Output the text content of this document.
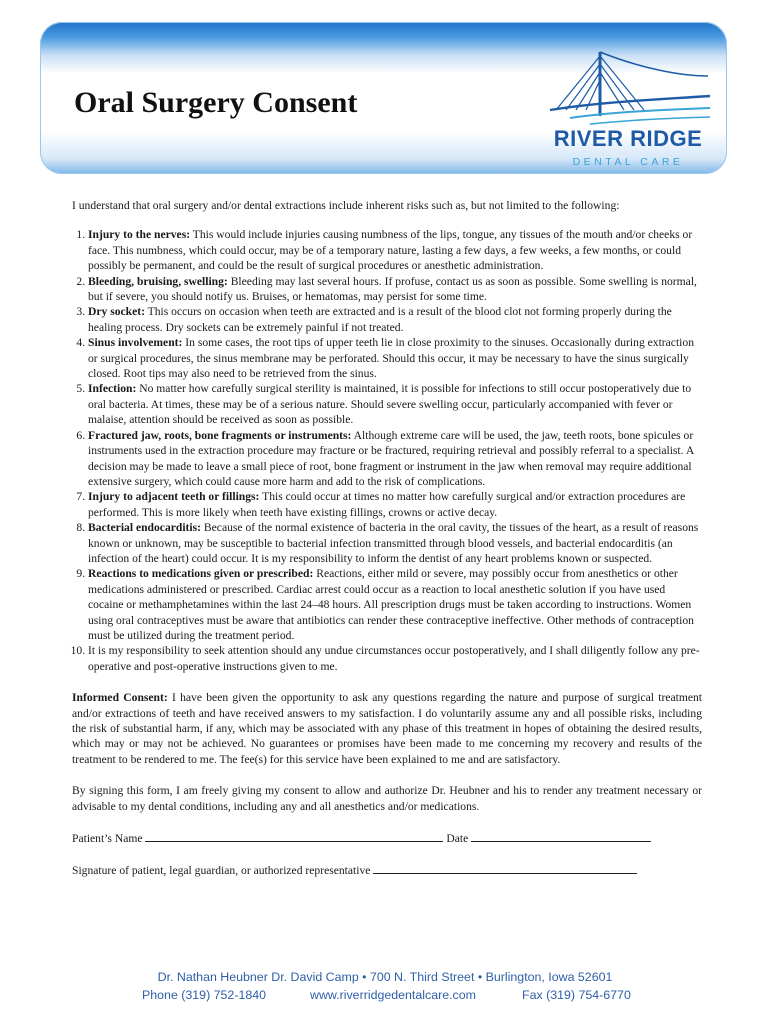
Oral Surgery Consent
RIVER RIDGE
DENTAL CARE

I understand that oral surgery and/or dental extractions include inherent risks such as, but not limited to the following:

1. Injury to the nerves: This would include injuries causing numbness of the lips, tongue, any tissues of the mouth and/or cheeks or face. This numbness, which could occur, may be of a temporary nature, lasting a few days, a few weeks, a few months, or could possibly be permanent, and could be the result of surgical procedures or anesthetic administration.
2. Bleeding, bruising, swelling: Bleeding may last several hours. If profuse, contact us as soon as possible. Some swelling is normal, but if severe, you should notify us. Bruises, or hematomas, may persist for some time.
3. Dry socket: This occurs on occasion when teeth are extracted and is a result of the blood clot not forming properly during the healing process. Dry sockets can be extremely painful if not treated.
4. Sinus involvement: In some cases, the root tips of upper teeth lie in close proximity to the sinuses. Occasionally during extraction or surgical procedures, the sinus membrane may be perforated. Should this occur, it may be necessary to have the sinus surgically closed. Root tips may also need to be retrieved from the sinus.
5. Infection: No matter how carefully surgical sterility is maintained, it is possible for infections to still occur postoperatively due to oral bacteria. At times, these may be of a serious nature. Should severe swelling occur, particularly accompanied with fever or malaise, attention should be received as soon as possible.
6. Fractured jaw, roots, bone fragments or instruments: Although extreme care will be used, the jaw, teeth roots, bone spicules or instruments used in the extraction procedure may fracture or be fractured, requiring retrieval and possibly referral to a specialist. A decision may be made to leave a small piece of root, bone fragment or instrument in the jaw when removal may require additional extensive surgery, which could cause more harm and add to the risk of complications.
7. Injury to adjacent teeth or fillings: This could occur at times no matter how carefully surgical and/or extraction procedures are performed. This is more likely when teeth have existing fillings, crowns or active decay.
8. Bacterial endocarditis: Because of the normal existence of bacteria in the oral cavity, the tissues of the heart, as a result of reasons known or unknown, may be susceptible to bacterial infection transmitted through blood vessels, and bacterial endocarditis (an infection of the heart) could occur. It is my responsibility to inform the dentist of any heart problems known or suspected.
9. Reactions to medications given or prescribed: Reactions, either mild or severe, may possibly occur from anesthetics or other medications administered or prescribed. Cardiac arrest could occur as a reaction to local anesthetic solution if you have used cocaine or methamphetamines within the last 24–48 hours. All prescription drugs must be taken according to instructions. Women using oral contraceptives must be aware that antibiotics can render these contraceptive ineffective. Other methods of contraception must be utilized during the treatment period.
10. It is my responsibility to seek attention should any undue circumstances occur postoperatively, and I shall diligently follow any pre-operative and post-operative instructions given to me.

Informed Consent: I have been given the opportunity to ask any questions regarding the nature and purpose of surgical treatment and/or extractions of teeth and have received answers to my satisfaction. I do voluntarily assume any and all possible risks, including the risk of substantial harm, if any, which may be associated with any phase of this treatment in hopes of obtaining the desired results, which may or may not be achieved. No guarantees or promises have been made to me concerning my recovery and results of the treatment to be rendered to me. The fee(s) for this service have been explained to me and are satisfactory.

By signing this form, I am freely giving my consent to allow and authorize Dr. Heubner and his to render any treatment necessary or advisable to my dental conditions, including any and all anesthetics and/or medications.

Patient’s Name	Date

Signature of patient, legal guardian, or authorized representative

Dr. Nathan Heubner Dr. David Camp • 700 N. Third Street • Burlington, Iowa 52601
Phone (319) 752-1840	www.riverridgedentalcare.com	Fax (319) 754-6770
